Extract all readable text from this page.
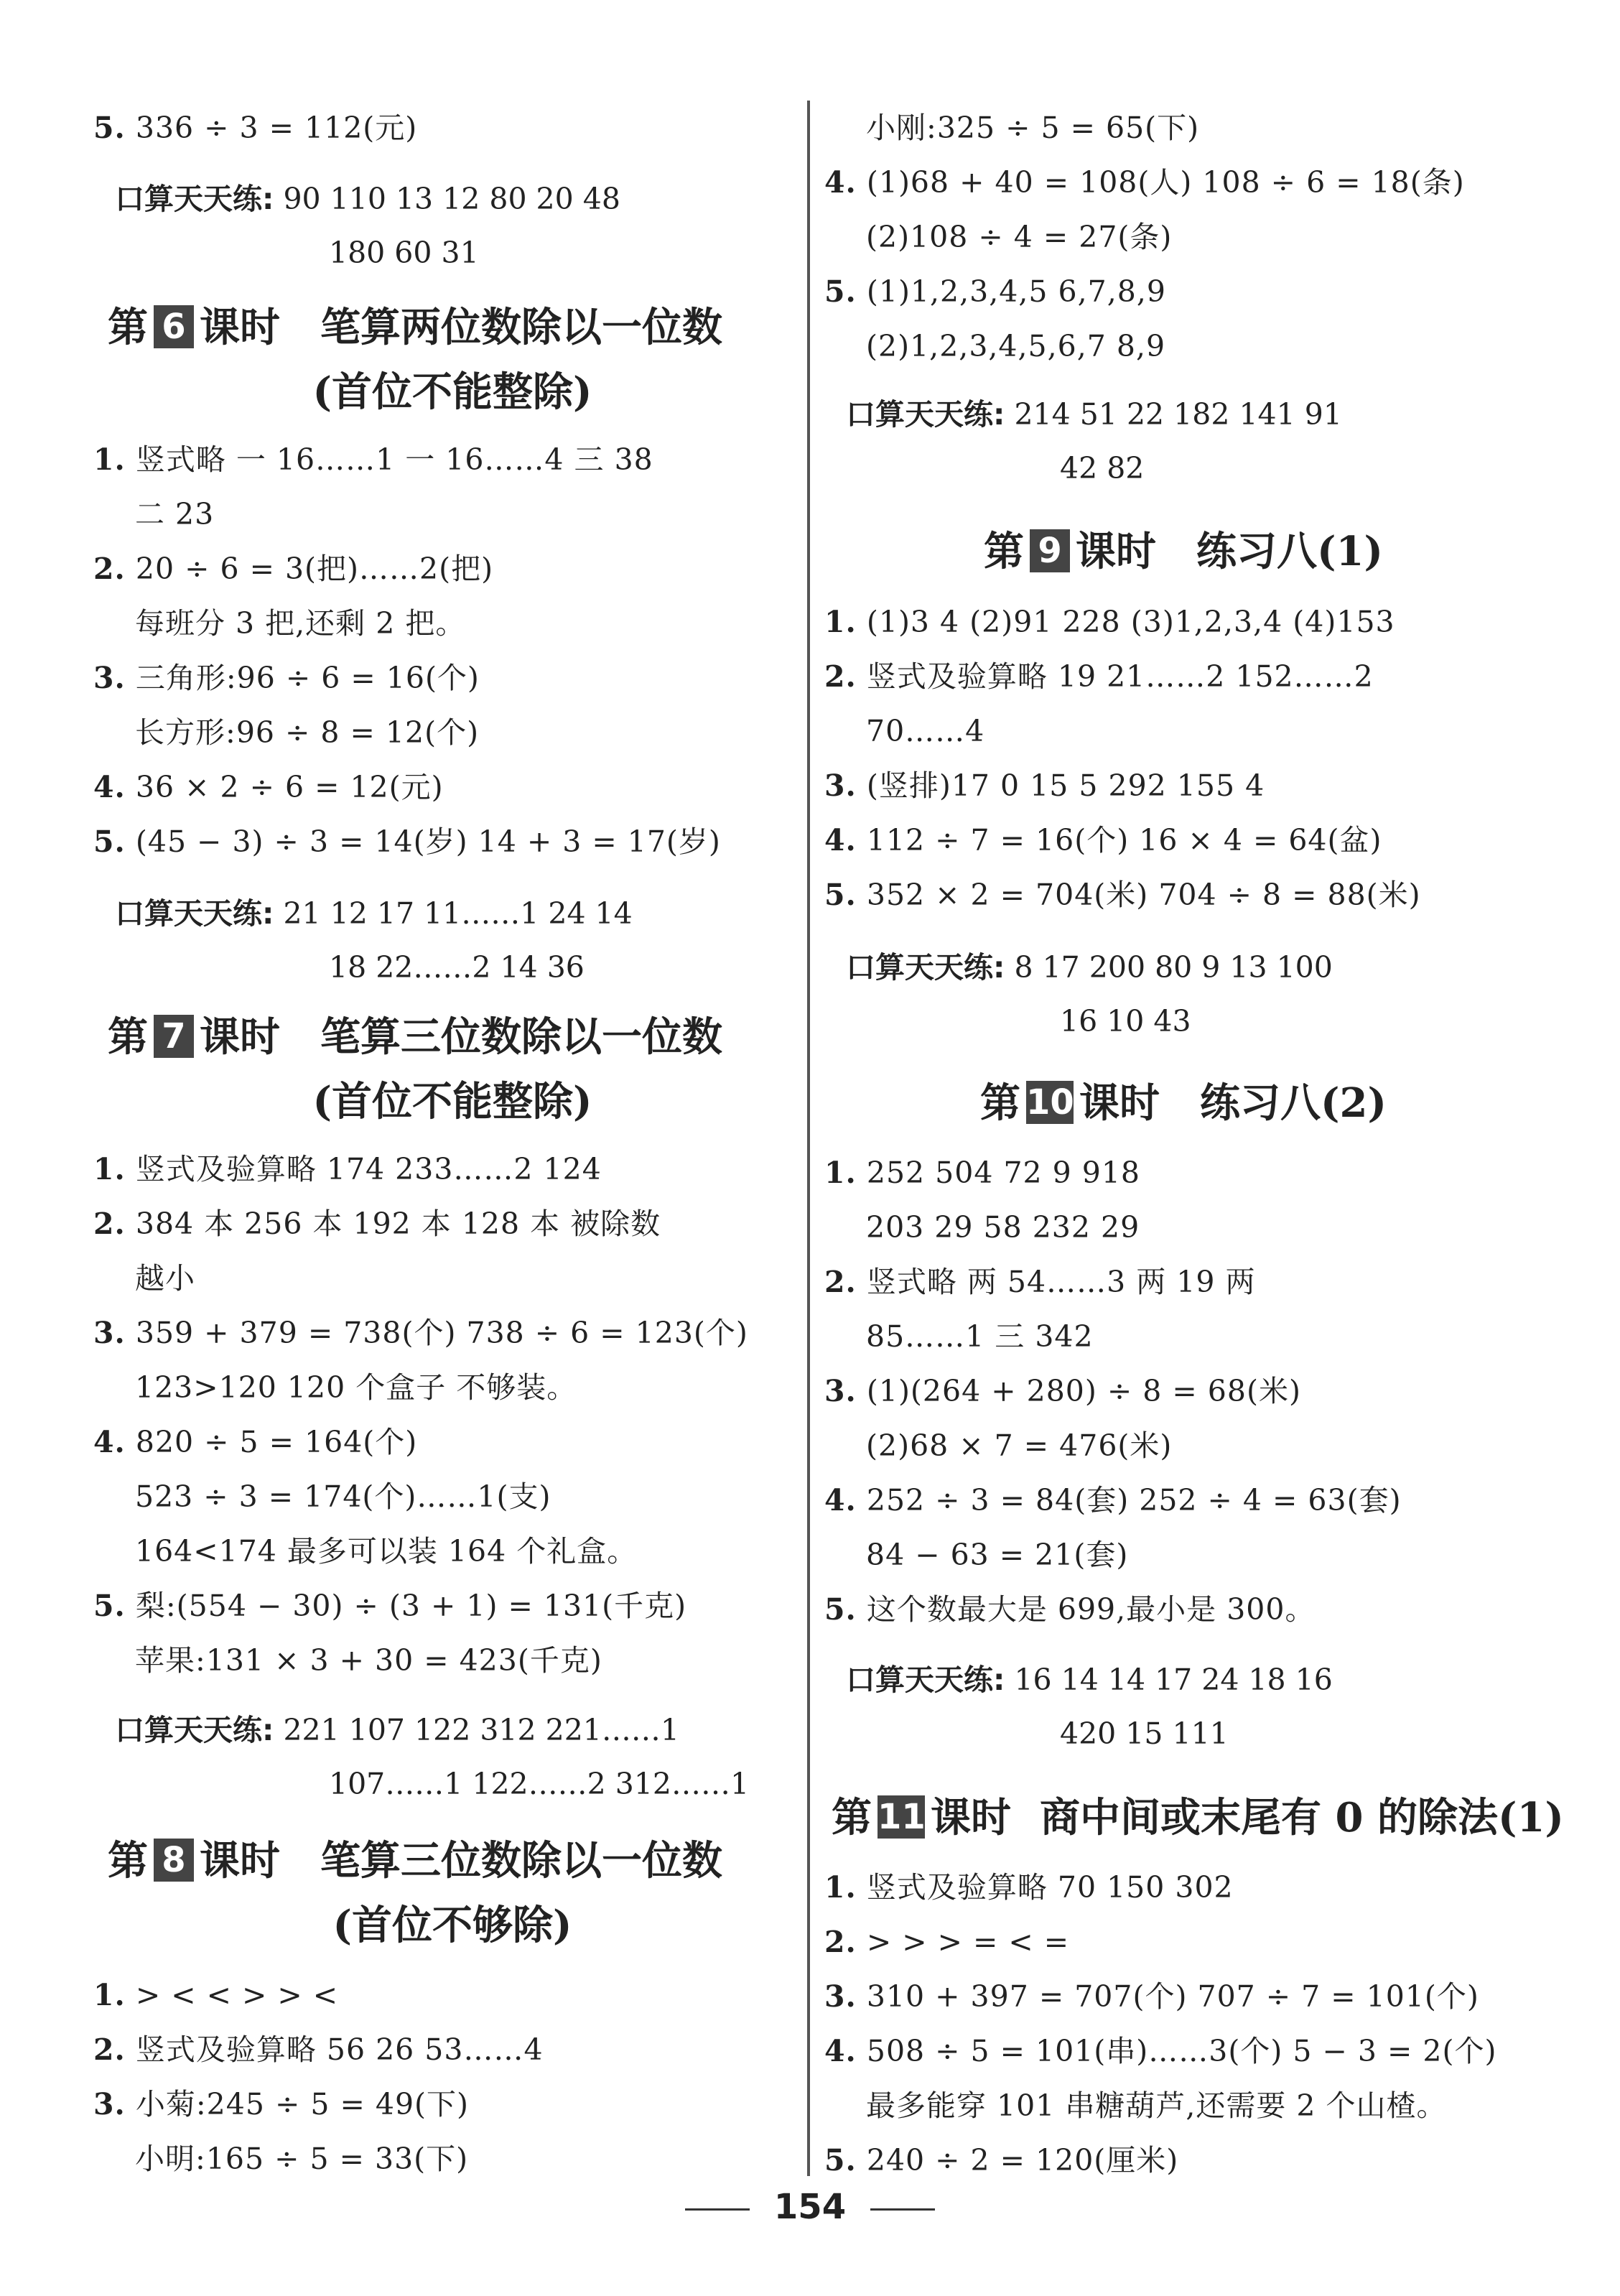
5. 336 ÷ 3 = 112(元)
口算天天练: 90 110 13 12 80 20 48
180 60 31
第 6 课时 笔算两位数除以一位数
(首位不能整除)
1. 竖式略 一 16……1 一 16……4 三 38
二 23
2. 20 ÷ 6 = 3(把)……2(把)
每班分 3 把,还剩 2 把。
3. 三角形:96 ÷ 6 = 16(个)
长方形:96 ÷ 8 = 12(个)
4. 36 × 2 ÷ 6 = 12(元)
5. (45 − 3) ÷ 3 = 14(岁) 14 + 3 = 17(岁)
口算天天练: 21 12 17 11……1 24 14
18 22……2 14 36
第 7 课时 笔算三位数除以一位数
(首位不能整除)
1. 竖式及验算略 174 233……2 124
2. 384 本 256 本 192 本 128 本 被除数
越小
3. 359 + 379 = 738(个) 738 ÷ 6 = 123(个)
123>120 120 个盒子 不够装。
4. 820 ÷ 5 = 164(个)
523 ÷ 3 = 174(个)……1(支)
164<174 最多可以装 164 个礼盒。
5. 梨:(554 − 30) ÷ (3 + 1) = 131(千克)
苹果:131 × 3 + 30 = 423(千克)
口算天天练: 221 107 122 312 221……1
107……1 122……2 312……1
第 8 课时 笔算三位数除以一位数
(首位不够除)
1. > < < > > <
2. 竖式及验算略 56 26 53……4
3. 小菊:245 ÷ 5 = 49(下)
小明:165 ÷ 5 = 33(下)
小刚:325 ÷ 5 = 65(下)
4. (1)68 + 40 = 108(人) 108 ÷ 6 = 18(条)
(2)108 ÷ 4 = 27(条)
5. (1)1,2,3,4,5 6,7,8,9
(2)1,2,3,4,5,6,7 8,9
口算天天练: 214 51 22 182 141 91
42 82
第 9 课时 练习八(1)
1. (1)3 4 (2)91 228 (3)1,2,3,4 (4)153
2. 竖式及验算略 19 21……2 152……2
70……4
3. (竖排)17 0 15 5 292 155 4
4. 112 ÷ 7 = 16(个) 16 × 4 = 64(盆)
5. 352 × 2 = 704(米) 704 ÷ 8 = 88(米)
口算天天练: 8 17 200 80 9 13 100
16 10 43
第 10 课时 练习八(2)
1. 252 504 72 9 918
203 29 58 232 29
2. 竖式略 两 54……3 两 19 两
85……1 三 342
3. (1)(264 + 280) ÷ 8 = 68(米)
(2)68 × 7 = 476(米)
4. 252 ÷ 3 = 84(套) 252 ÷ 4 = 63(套)
84 − 63 = 21(套)
5. 这个数最大是 699,最小是 300。
口算天天练: 16 14 14 17 24 18 16
420 15 111
第 11 课时 商中间或末尾有 0 的除法(1)
1. 竖式及验算略 70 150 302
2. > > > = < =
3. 310 + 397 = 707(个) 707 ÷ 7 = 101(个)
4. 508 ÷ 5 = 101(串)……3(个) 5 − 3 = 2(个)
最多能穿 101 串糖葫芦,还需要 2 个山楂。
5. 240 ÷ 2 = 120(厘米)
154
